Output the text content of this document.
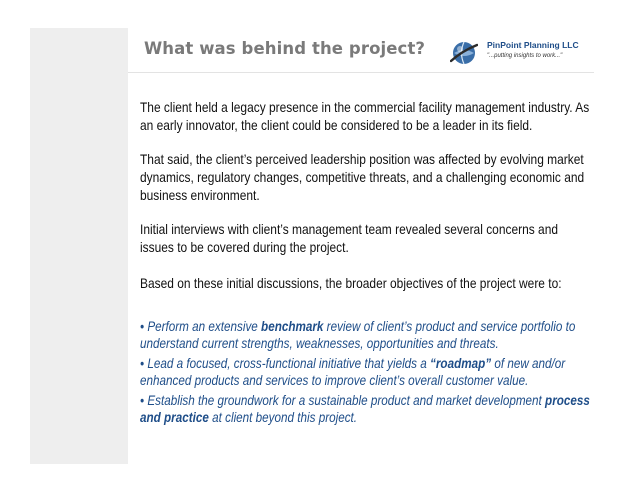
What was behind the project?	PinPoint Planning LLC
"...putting insights to work..."

The client held a legacy presence in the commercial facility management industry. As an early innovator, the client could be considered to be a leader in its field.

That said, the client’s perceived leadership position was affected by evolving market dynamics, regulatory changes, competitive threats, and a challenging economic and business environment.

Initial interviews with client’s management team revealed several concerns and issues to be covered during the project.

Based on these initial discussions, the broader objectives of the project were to:

• Perform an extensive benchmark review of client’s product and service portfolio to understand current strengths, weaknesses, opportunities and threats.
• Lead a focused, cross-functional initiative that yields a “roadmap” of new and/or enhanced products and services to improve client’s overall customer value.
• Establish the groundwork for a sustainable product and market development process and practice at client beyond this project.
